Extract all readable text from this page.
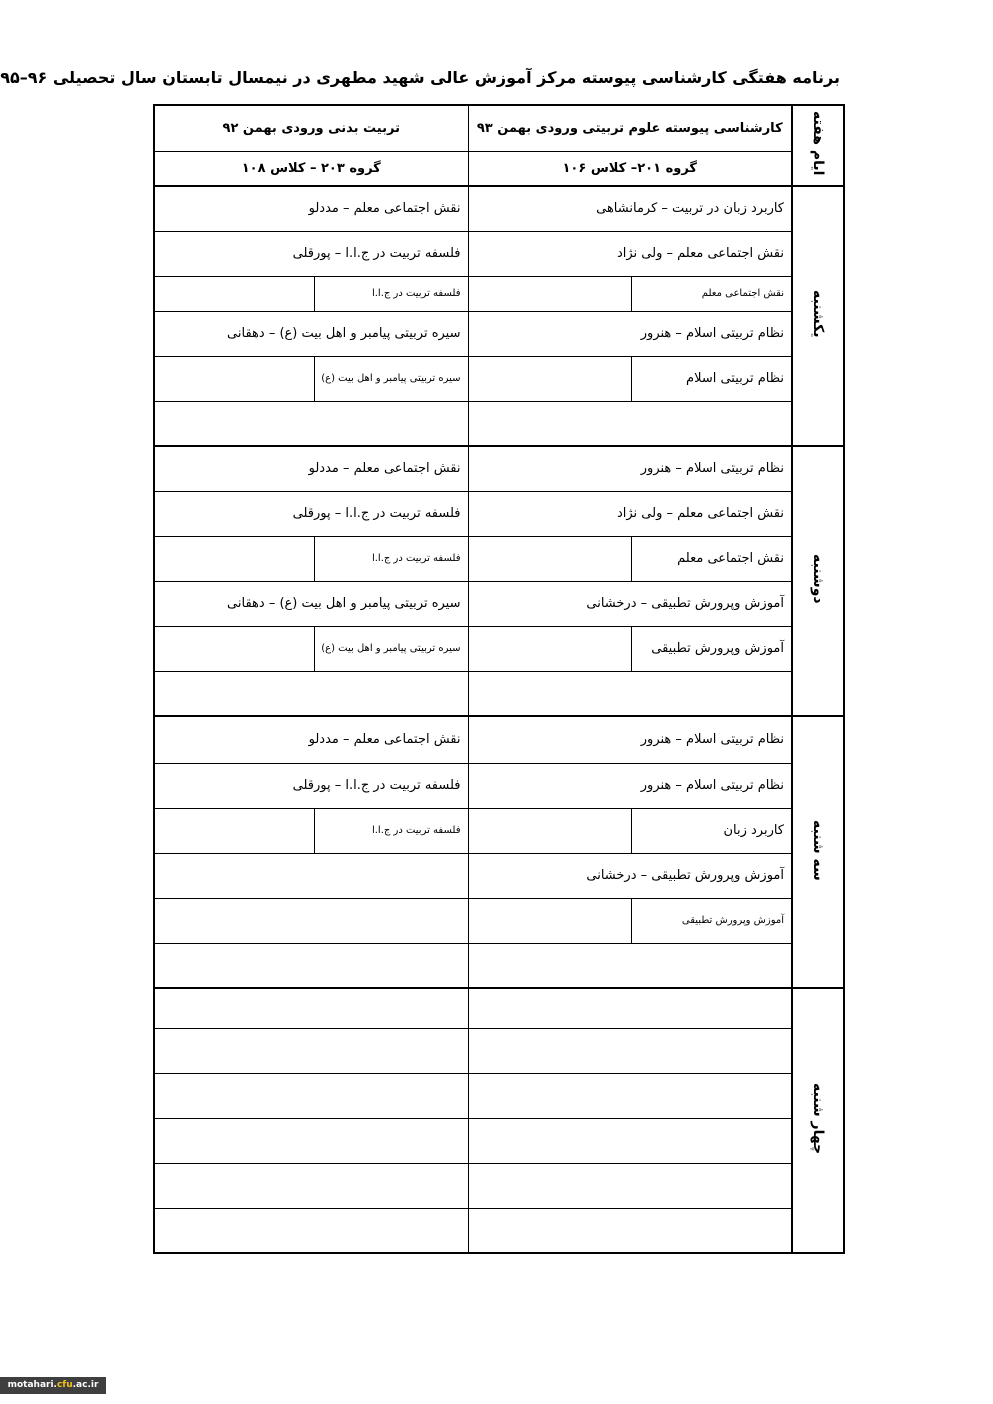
برنامه هفتگی کارشناسی پیوسته مرکز آموزش عالی شهید مطهری در نیمسال تابستان سال تحصیلی ۹۶–۹۵
ایام هفته	کارشناسی پیوسته علوم تربیتی ورودی بهمن ۹۳		تربیت بدنی ورودی بهمن ۹۲	
	گروه ۲۰۱– کلاس ۱۰۶		گروه ۲۰۳ – کلاس ۱۰۸	
یکشنبه	کاربرد زبان در تربیت – کرمانشاهی		نقش اجتماعی معلم – مددلو	
	نقش اجتماعی معلم – ولی نژاد		فلسفه تربیت در ج.ا.ا – پورقلی	
	نقش اجتماعی معلم		فلسفه تربیت در ج.ا.ا	
	نظام تربیتی اسلام – هنرور		سیره تربیتی پیامبر و اهل بیت (ع) – دهقانی	
	نظام تربیتی اسلام		سیره تربیتی پیامبر و اهل بیت (ع)	

دوشنبه	نظام تربیتی اسلام – هنرور		نقش اجتماعی معلم – مددلو	
	نقش اجتماعی معلم – ولی نژاد		فلسفه تربیت در ج.ا.ا – پورقلی	
	نقش اجتماعی معلم		فلسفه تربیت در ج.ا.ا	
	آموزش وپرورش تطبیقی – درخشانی		سیره تربیتی پیامبر و اهل بیت (ع) – دهقانی	
	آموزش وپرورش تطبیقی		سیره تربیتی پیامبر و اهل بیت (ع)	

سه شنبه	نظام تربیتی اسلام – هنرور		نقش اجتماعی معلم – مددلو	
	نظام تربیتی اسلام – هنرور		فلسفه تربیت در ج.ا.ا – پورقلی	
	کاربرد زبان		فلسفه تربیت در ج.ا.ا	
	آموزش وپرورش تطبیقی – درخشانی			
	آموزش وپرورش تطبیقی			

چهار شنبه				

motahari.cfu.ac.ir
